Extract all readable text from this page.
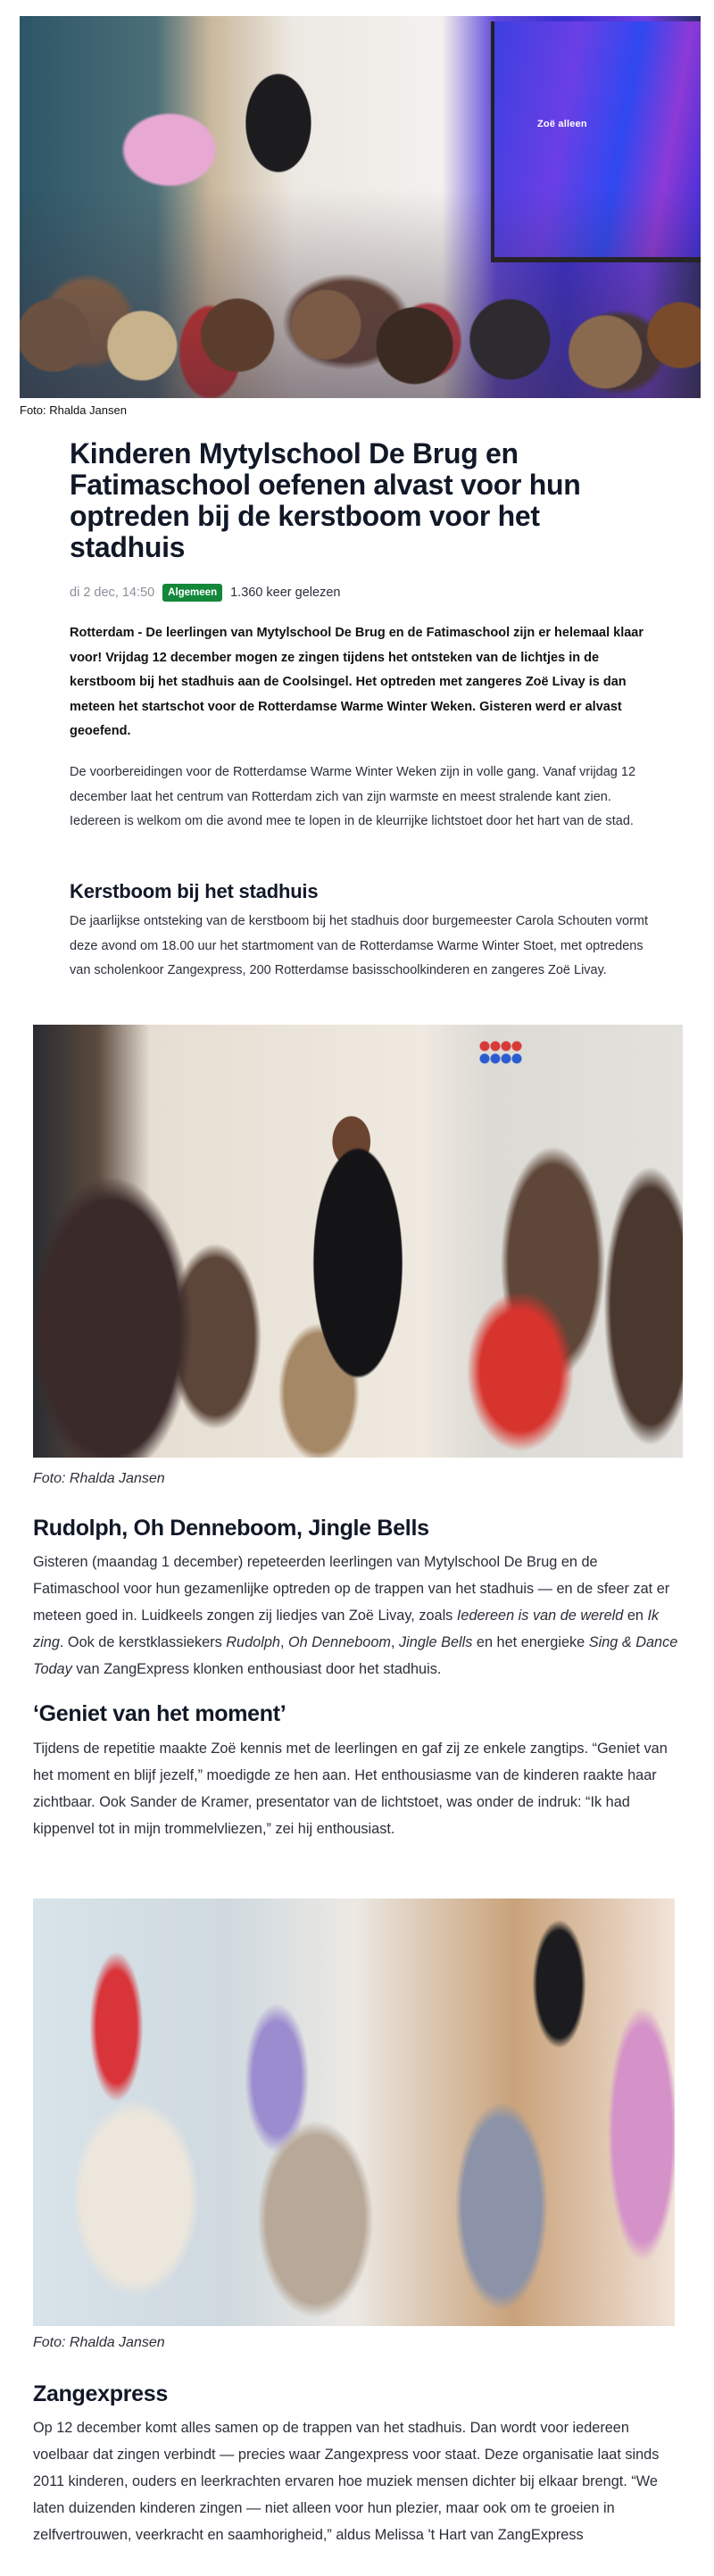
Zoë alleen
Foto: Rhalda Jansen
Kinderen Mytylschool De Brug en Fatimaschool oefenen alvast voor hun optreden bij de kerstboom voor het stadhuis
di 2 dec, 14:50	Algemeen	1.360 keer gelezen

Rotterdam - De leerlingen van Mytylschool De Brug en de Fatimaschool zijn er helemaal klaar voor! Vrijdag 12 december mogen ze zingen tijdens het ontsteken van de lichtjes in de kerstboom bij het stadhuis aan de Coolsingel. Het optreden met zangeres Zoë Livay is dan meteen het startschot voor de Rotterdamse Warme Winter Weken. Gisteren werd er alvast geoefend.

De voorbereidingen voor de Rotterdamse Warme Winter Weken zijn in volle gang. Vanaf vrijdag 12 december laat het centrum van Rotterdam zich van zijn warmste en meest stralende kant zien. Iedereen is welkom om die avond mee te lopen in de kleurrijke lichtstoet door het hart van de stad.

Kerstboom bij het stadhuis

De jaarlijkse ontsteking van de kerstboom bij het stadhuis door burgemeester Carola Schouten vormt deze avond om 18.00 uur het startmoment van de Rotterdamse Warme Winter Stoet, met optredens van scholenkoor Zangexpress, 200 Rotterdamse basisschoolkinderen en zangeres Zoë Livay.

Foto: Rhalda Jansen
Rudolph, Oh Denneboom, Jingle Bells

Gisteren (maandag 1 december) repeteerden leerlingen van Mytylschool De Brug en de Fatimaschool voor hun gezamenlijke optreden op de trappen van het stadhuis — en de sfeer zat er meteen goed in. Luidkeels zongen zij liedjes van Zoë Livay, zoals Iedereen is van de wereld en Ik zing. Ook de kerstklassiekers Rudolph, Oh Denneboom, Jingle Bells en het energieke Sing & Dance Today van ZangExpress klonken enthousiast door het stadhuis.

‘Geniet van het moment’

Tijdens de repetitie maakte Zoë kennis met de leerlingen en gaf zij ze enkele zangtips. “Geniet van het moment en blijf jezelf,” moedigde ze hen aan. Het enthousiasme van de kinderen raakte haar zichtbaar. Ook Sander de Kramer, presentator van de lichtstoet, was onder de indruk: “Ik had kippenvel tot in mijn trommelvliezen,” zei hij enthousiast.

Foto: Rhalda Jansen
Zangexpress

Op 12 december komt alles samen op de trappen van het stadhuis. Dan wordt voor iedereen voelbaar dat zingen verbindt — precies waar Zangexpress voor staat. Deze organisatie laat sinds 2011 kinderen, ouders en leerkrachten ervaren hoe muziek mensen dichter bij elkaar brengt. “We laten duizenden kinderen zingen — niet alleen voor hun plezier, maar ook om te groeien in zelfvertrouwen, veerkracht en saamhorigheid,” aldus Melissa 't Hart van ZangExpress
